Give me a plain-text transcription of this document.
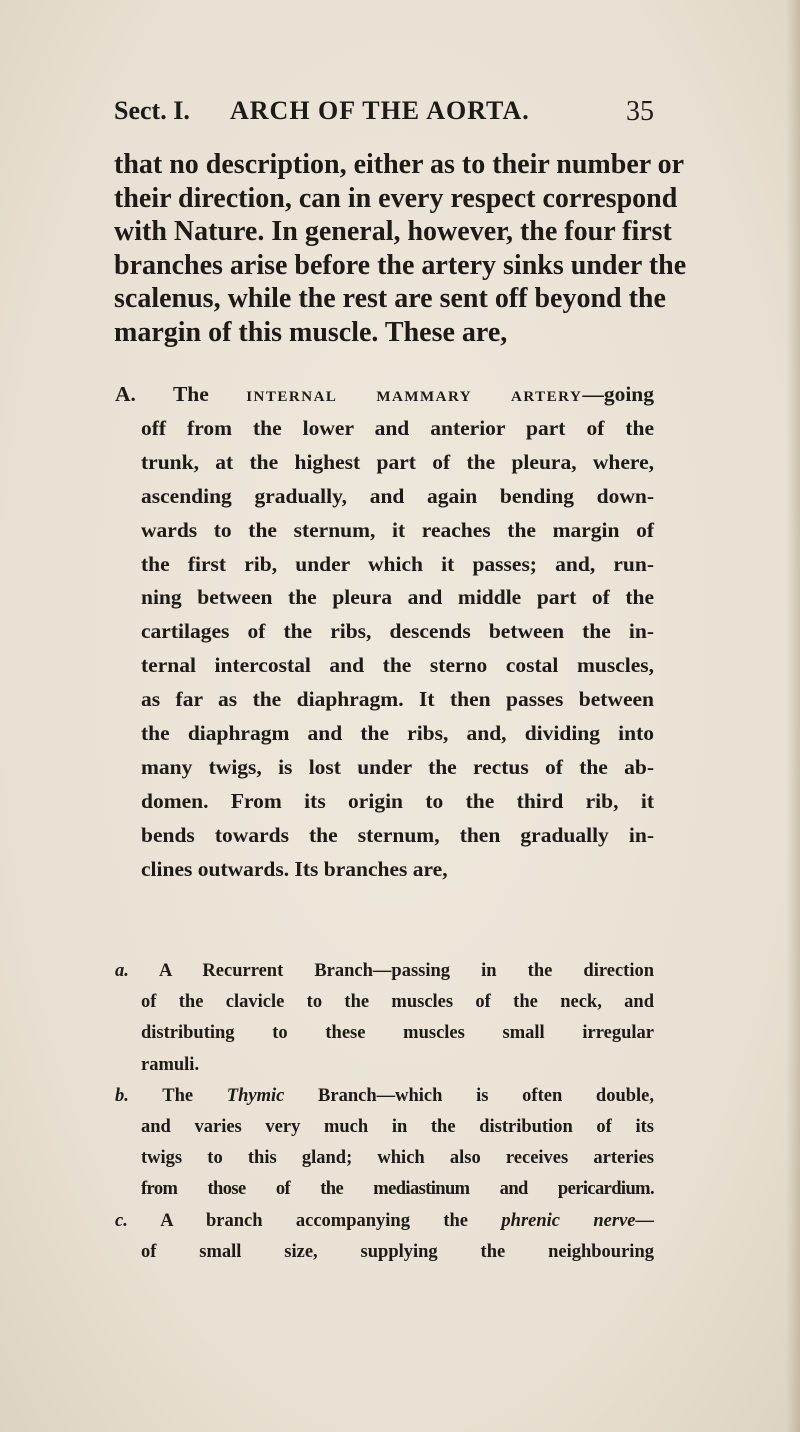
Sect. I. ARCH OF THE AORTA.	35
that no description, either as to their number or
their direction, can in every respect correspond
with Nature. In general, however, the four first
branches arise before the artery sinks under the
scalenus, while the rest are sent off beyond the
margin of this muscle. These are,
A. The internal mammary artery—going
off from the lower and anterior part of the
trunk, at the highest part of the pleura, where,
ascending gradually, and again bending down-
wards to the sternum, it reaches the margin of
the first rib, under which it passes; and, run-
ning between the pleura and middle part of the
cartilages of the ribs, descends between the in-
ternal intercostal and the sterno costal muscles,
as far as the diaphragm. It then passes between
the diaphragm and the ribs, and, dividing into
many twigs, is lost under the rectus of the ab-
domen. From its origin to the third rib, it
bends towards the sternum, then gradually in-
clines outwards. Its branches are,
a. A Recurrent Branch—passing in the direction
of the clavicle to the muscles of the neck, and
distributing to these muscles small irregular
ramuli.
b. The Thymic Branch—which is often double,
and varies very much in the distribution of its
twigs to this gland; which also receives arteries
from those of the mediastinum and pericardium.
c. A branch accompanying the phrenic nerve—
of small size, supplying the neighbouring
